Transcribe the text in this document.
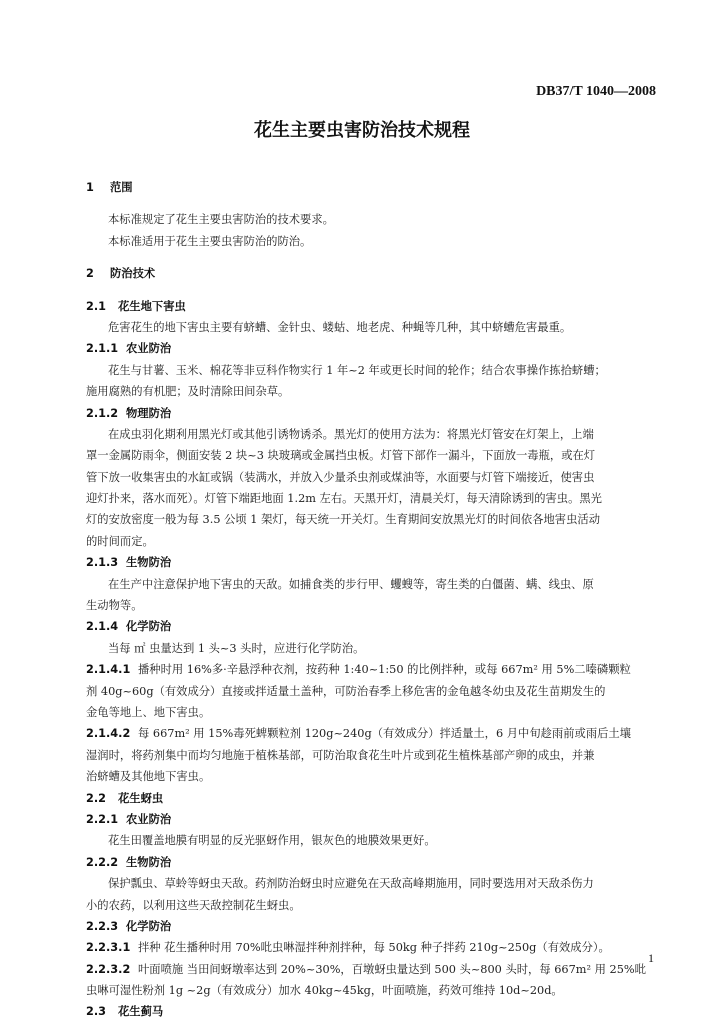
DB37/T 1040—2008
花生主要虫害防治技术规程
1 范围
本标准规定了花生主要虫害防治的技术要求。
本标准适用于花生主要虫害防治的防治。
2 防治技术
2.1 花生地下害虫
危害花生的地下害虫主要有蛴螬、金针虫、蝼蛄、地老虎、种蝇等几种，其中蛴螬危害最重。
2.1.1 农业防治
花生与甘薯、玉米、棉花等非豆科作物实行 1 年~2 年或更长时间的轮作；结合农事操作拣拾蛴螬；
施用腐熟的有机肥；及时清除田间杂草。
2.1.2 物理防治
在成虫羽化期利用黑光灯或其他引诱物诱杀。黑光灯的使用方法为：将黑光灯管安在灯架上，上端
罩一金属防雨伞，侧面安装 2 块~3 块玻璃或金属挡虫板。灯管下部作一漏斗，下面放一毒瓶，或在灯
管下放一收集害虫的水缸或锅（装满水，并放入少量杀虫剂或煤油等，水面要与灯管下端接近，使害虫
迎灯扑来，落水而死）。灯管下端距地面 1.2m 左右。天黑开灯，清晨关灯，每天清除诱到的害虫。黑光
灯的安放密度一般为每 3.5 公顷 1 架灯，每天统一开关灯。生育期间安放黑光灯的时间依各地害虫活动
的时间而定。
2.1.3 生物防治
在生产中注意保护地下害虫的天敌。如捕食类的步行甲、蠼螋等，寄生类的白僵菌、螨、线虫、原
生动物等。
2.1.4 化学防治
当每 ㎡ 虫量达到 1 头~3 头时，应进行化学防治。
2.1.4.1 播种时用 16%多·辛悬浮种衣剂，按药种 1:40~1:50 的比例拌种，或每 667m² 用 5%二嗪磷颗粒
剂 40g~60g（有效成分）直接或拌适量土盖种，可防治春季上移危害的金龟越冬幼虫及花生苗期发生的
金龟等地上、地下害虫。
2.1.4.2 每 667m² 用 15%毒死蜱颗粒剂 120g~240g（有效成分）拌适量土，6 月中旬趁雨前或雨后土壤
湿润时，将药剂集中而均匀地施于植株基部，可防治取食花生叶片或到花生植株基部产卵的成虫，并兼
治蛴螬及其他地下害虫。
2.2 花生蚜虫
2.2.1 农业防治
花生田覆盖地膜有明显的反光驱蚜作用，银灰色的地膜效果更好。
2.2.2 生物防治
保护瓢虫、草蛉等蚜虫天敌。药剂防治蚜虫时应避免在天敌高峰期施用，同时要选用对天敌杀伤力
小的农药，以利用这些天敌控制花生蚜虫。
2.2.3 化学防治
2.2.3.1 拌种 花生播种时用 70%吡虫啉湿拌种剂拌种，每 50kg 种子拌药 210g~250g（有效成分）。
2.2.3.2 叶面喷施 当田间蚜墩率达到 20%~30%，百墩蚜虫量达到 500 头~800 头时，每 667m² 用 25%吡
虫啉可湿性粉剂 1g ~2g（有效成分）加水 40kg~45kg，叶面喷施，药效可维持 10d~20d。
2.3 花生蓟马
1
